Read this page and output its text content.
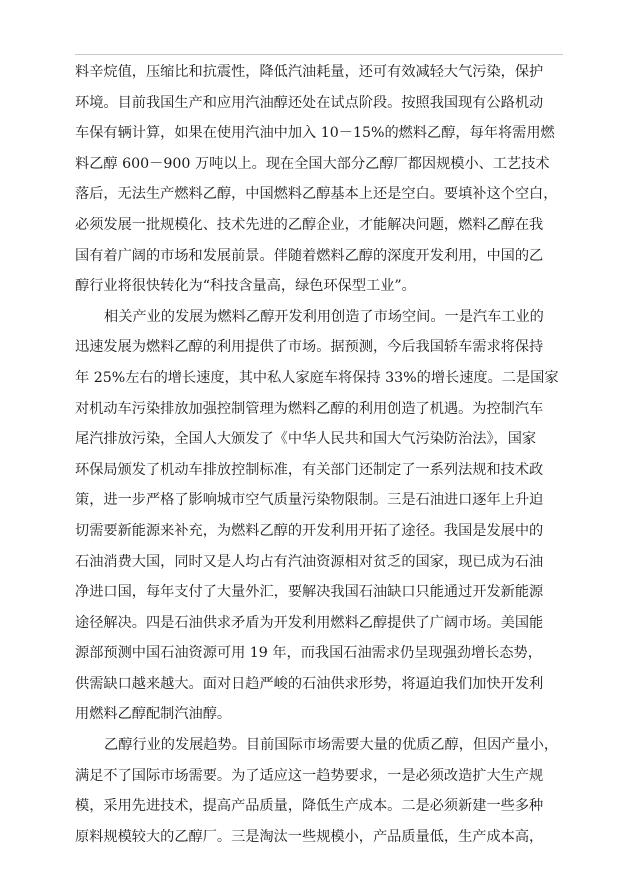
料辛烷值，压缩比和抗震性，降低汽油耗量，还可有效减轻大气污染，保护
环境。目前我国生产和应用汽油醇还处在试点阶段。按照我国现有公路机动
车保有辆计算，如果在使用汽油中加入 10－15%的燃料乙醇，每年将需用燃
料乙醇 600－900 万吨以上。现在全国大部分乙醇厂都因规模小、工艺技术
落后，无法生产燃料乙醇，中国燃料乙醇基本上还是空白。要填补这个空白，
必须发展一批规模化、技术先进的乙醇企业，才能解决问题，燃料乙醇在我
国有着广阔的市场和发展前景。伴随着燃料乙醇的深度开发利用，中国的乙
醇行业将很快转化为“科技含量高，绿色环保型工业”。
相关产业的发展为燃料乙醇开发利用创造了市场空间。一是汽车工业的
迅速发展为燃料乙醇的利用提供了市场。据预测，今后我国轿车需求将保持
年 25%左右的增长速度，其中私人家庭车将保持 33%的增长速度。二是国家
对机动车污染排放加强控制管理为燃料乙醇的利用创造了机遇。为控制汽车
尾汽排放污染，全国人大颁发了《中华人民共和国大气污染防治法》，国家
环保局颁发了机动车排放控制标准，有关部门还制定了一系列法规和技术政
策，进一步严格了影响城市空气质量污染物限制。三是石油进口逐年上升迫
切需要新能源来补充，为燃料乙醇的开发利用开拓了途径。我国是发展中的
石油消费大国，同时又是人均占有汽油资源相对贫乏的国家，现已成为石油
净进口国，每年支付了大量外汇，要解决我国石油缺口只能通过开发新能源
途径解决。四是石油供求矛盾为开发利用燃料乙醇提供了广阔市场。美国能
源部预测中国石油资源可用 19 年，而我国石油需求仍呈现强劲增长态势，
供需缺口越来越大。面对日趋严峻的石油供求形势，将逼迫我们加快开发利
用燃料乙醇配制汽油醇。
乙醇行业的发展趋势。目前国际市场需要大量的优质乙醇，但因产量小，
满足不了国际市场需要。为了适应这一趋势要求，一是必须改造扩大生产规
模，采用先进技术，提高产品质量，降低生产成本。二是必须新建一些多种
原料规模较大的乙醇厂。三是淘汰一些规模小，产品质量低，生产成本高，
